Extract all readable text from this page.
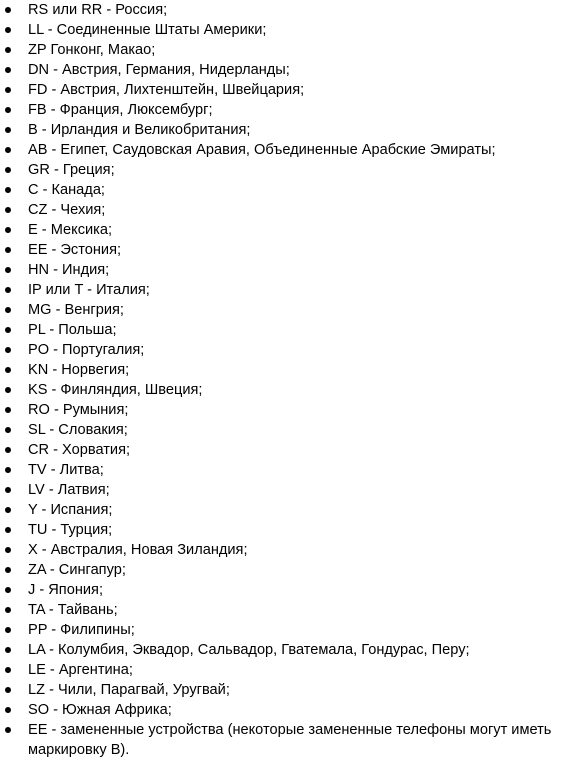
RS или RR - Россия;
LL - Соединенные Штаты Америки;
ZP Гонконг, Макао;
DN - Австрия, Германия, Нидерланды;
FD - Австрия, Лихтенштейн, Швейцария;
FB - Франция, Люксембург;
B - Ирландия и Великобритания;
AB - Египет, Саудовская Аравия, Объединенные Арабские Эмираты;
GR - Греция;
C - Канада;
CZ - Чехия;
E - Мексика;
EE - Эстония;
HN - Индия;
IP или T - Италия;
MG - Венгрия;
PL - Польша;
PO - Португалия;
KN - Норвегия;
KS - Финляндия, Швеция;
RO - Румыния;
SL - Словакия;
CR - Хорватия;
TV - Литва;
LV - Латвия;
Y - Испания;
TU - Турция;
X - Австралия, Новая Зиландия;
ZA - Сингапур;
J - Япония;
TA - Тайвань;
PP - Филипины;
LA - Колумбия, Эквадор, Сальвадор, Гватемала, Гондурас, Перу;
LE - Аргентина;
LZ - Чили, Парагвай, Уругвай;
SO - Южная Африка;
EE - замененные устройства (некоторые замененные телефоны могут иметь маркировку B).
